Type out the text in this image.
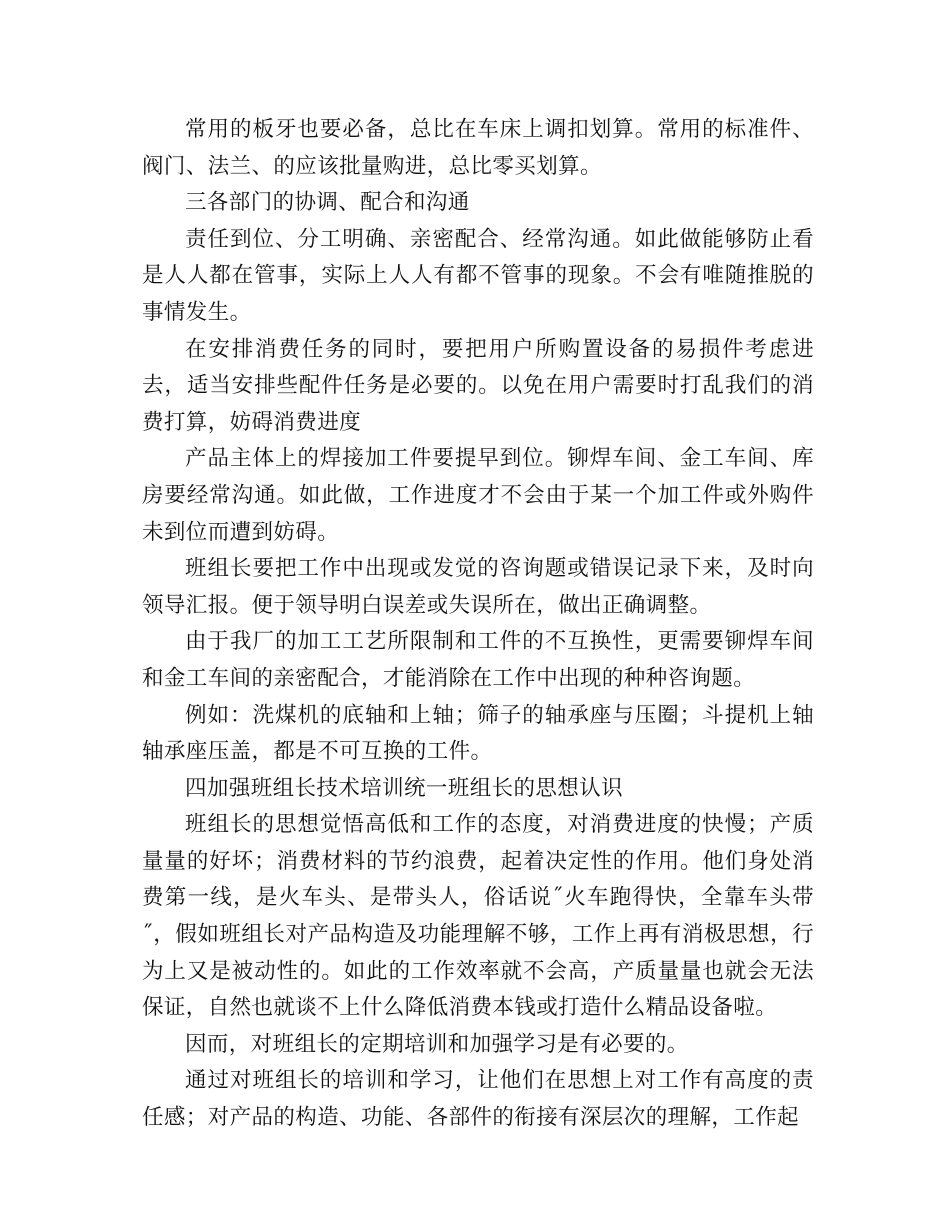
常用的板牙也要必备，总比在车床上调扣划算。常用的标准件、阀门、法兰、的应该批量购进，总比零买划算。

三各部门的协调、配合和沟通

责任到位、分工明确、亲密配合、经常沟通。如此做能够防止看是人人都在管事，实际上人人有都不管事的现象。不会有唯随推脱的事情发生。

在安排消费任务的同时，要把用户所购置设备的易损件考虑进去，适当安排些配件任务是必要的。以免在用户需要时打乱我们的消费打算，妨碍消费进度

产品主体上的焊接加工件要提早到位。铆焊车间、金工车间、库房要经常沟通。如此做，工作进度才不会由于某一个加工件或外购件未到位而遭到妨碍。

班组长要把工作中出现或发觉的咨询题或错误记录下来，及时向领导汇报。便于领导明白误差或失误所在，做出正确调整。

由于我厂的加工工艺所限制和工件的不互换性，更需要铆焊车间和金工车间的亲密配合，才能消除在工作中出现的种种咨询题。

例如：洗煤机的底轴和上轴；筛子的轴承座与压圈；斗提机上轴轴承座压盖，都是不可互换的工件。

四加强班组长技术培训统一班组长的思想认识

班组长的思想觉悟高低和工作的态度，对消费进度的快慢；产质量量的好坏；消费材料的节约浪费，起着决定性的作用。他们身处消费第一线，是火车头、是带头人，俗话说˝火车跑得快，全靠车头带˝，假如班组长对产品构造及功能理解不够，工作上再有消极思想，行为上又是被动性的。如此的工作效率就不会高，产质量量也就会无法保证，自然也就谈不上什么降低消费本钱或打造什么精品设备啦。

因而，对班组长的定期培训和加强学习是有必要的。

通过对班组长的培训和学习，让他们在思想上对工作有高度的责任感；对产品的构造、功能、各部件的衔接有深层次的理解，工作起
